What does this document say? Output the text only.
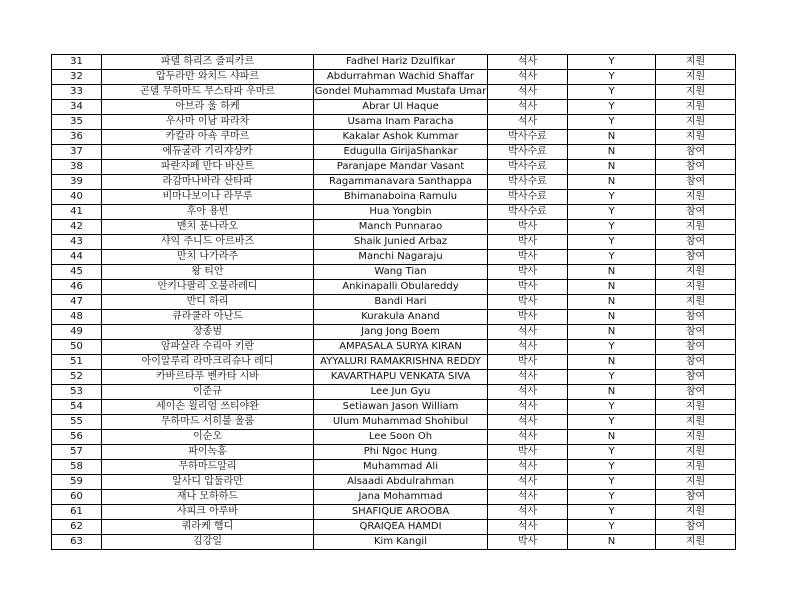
31	파델 하리즈 즐피카르	Fadhel Hariz Dzulfikar	석사	Y	지원
32	압두라만 와치드 샤파르	Abdurrahman Wachid Shaffar	석사	Y	지원
33	곤델 무하마드 무스타파 우마르	Gondel Muhammad Mustafa Umar	석사	Y	지원
34	아브라 울 하케	Abrar Ul Haque	석사	Y	지원
35	우사마 이남 파라차	Usama Inam Paracha	석사	Y	지원
36	카칼라 아쇽 쿠마르	Kakalar Ashok Kummar	박사수료	N	지원
37	에듀굴라 기리쟈샹카	Edugulla GirijaShankar	박사수료	N	참여
38	파란자페 만다 바산트	Paranjape Mandar Vasant	박사수료	N	참여
39	라감마나바라 산타파	Ragammanavara Santhappa	박사수료	N	참여
40	비마나보이나 라무루	Bhimanaboina Ramulu	박사수료	Y	지원
41	후아 용빈	Hua Yongbin	박사수료	Y	참여
42	맨치 푼나라오	Manch Punnarao	박사	Y	지원
43	샤익 주니드 아르바즈	Shaik Junied Arbaz	박사	Y	참여
44	만치 나가라주	Manchi Nagaraju	박사	Y	참여
45	왕 티안	Wang Tian	박사	N	지원
46	안키나팔리 오불라레디	Ankinapalli Obulareddy	박사	N	지원
47	반디 하리	Bandi Hari	박사	N	지원
48	큐라쿨라 아난드	Kurakula Anand	박사	N	참여
49	장종범	Jang Jong Boem	석사	N	참여
50	암파살라 수리아 키란	AMPASALA SURYA KIRAN	석사	Y	참여
51	아이알루리 라마크리슈나 레디	AYYALURI RAMAKRISHNA REDDY	박사	N	참여
52	카바르타푸 벤카타 시바	KAVARTHAPU VENKATA SIVA	석사	Y	참여
53	이준규	Lee Jun Gyu	석사	N	참여
54	세이손 윌리엄 쓰티야완	Setiawan Jason William	석사	Y	지원
55	무하마드 서히불 울룸	Ulum Muhammad Shohibul	석사	Y	지원
56	이순오	Lee Soon Oh	석사	N	지원
57	파이녹홍	Phi Ngoc Hung	박사	Y	지원
58	무하마드알리	Muhammad Ali	석사	Y	지원
59	알사디 압둘라만	Alsaadi Abdulrahman	석사	Y	지원
60	재나 모하하드	Jana Mohammad	석사	Y	참여
61	샤피크 아루바	SHAFIQUE AROOBA	석사	Y	지원
62	쿼라케 햄디	QRAIQEA HAMDI	석사	Y	참여
63	김강일	Kim Kangil	박사	N	지원
